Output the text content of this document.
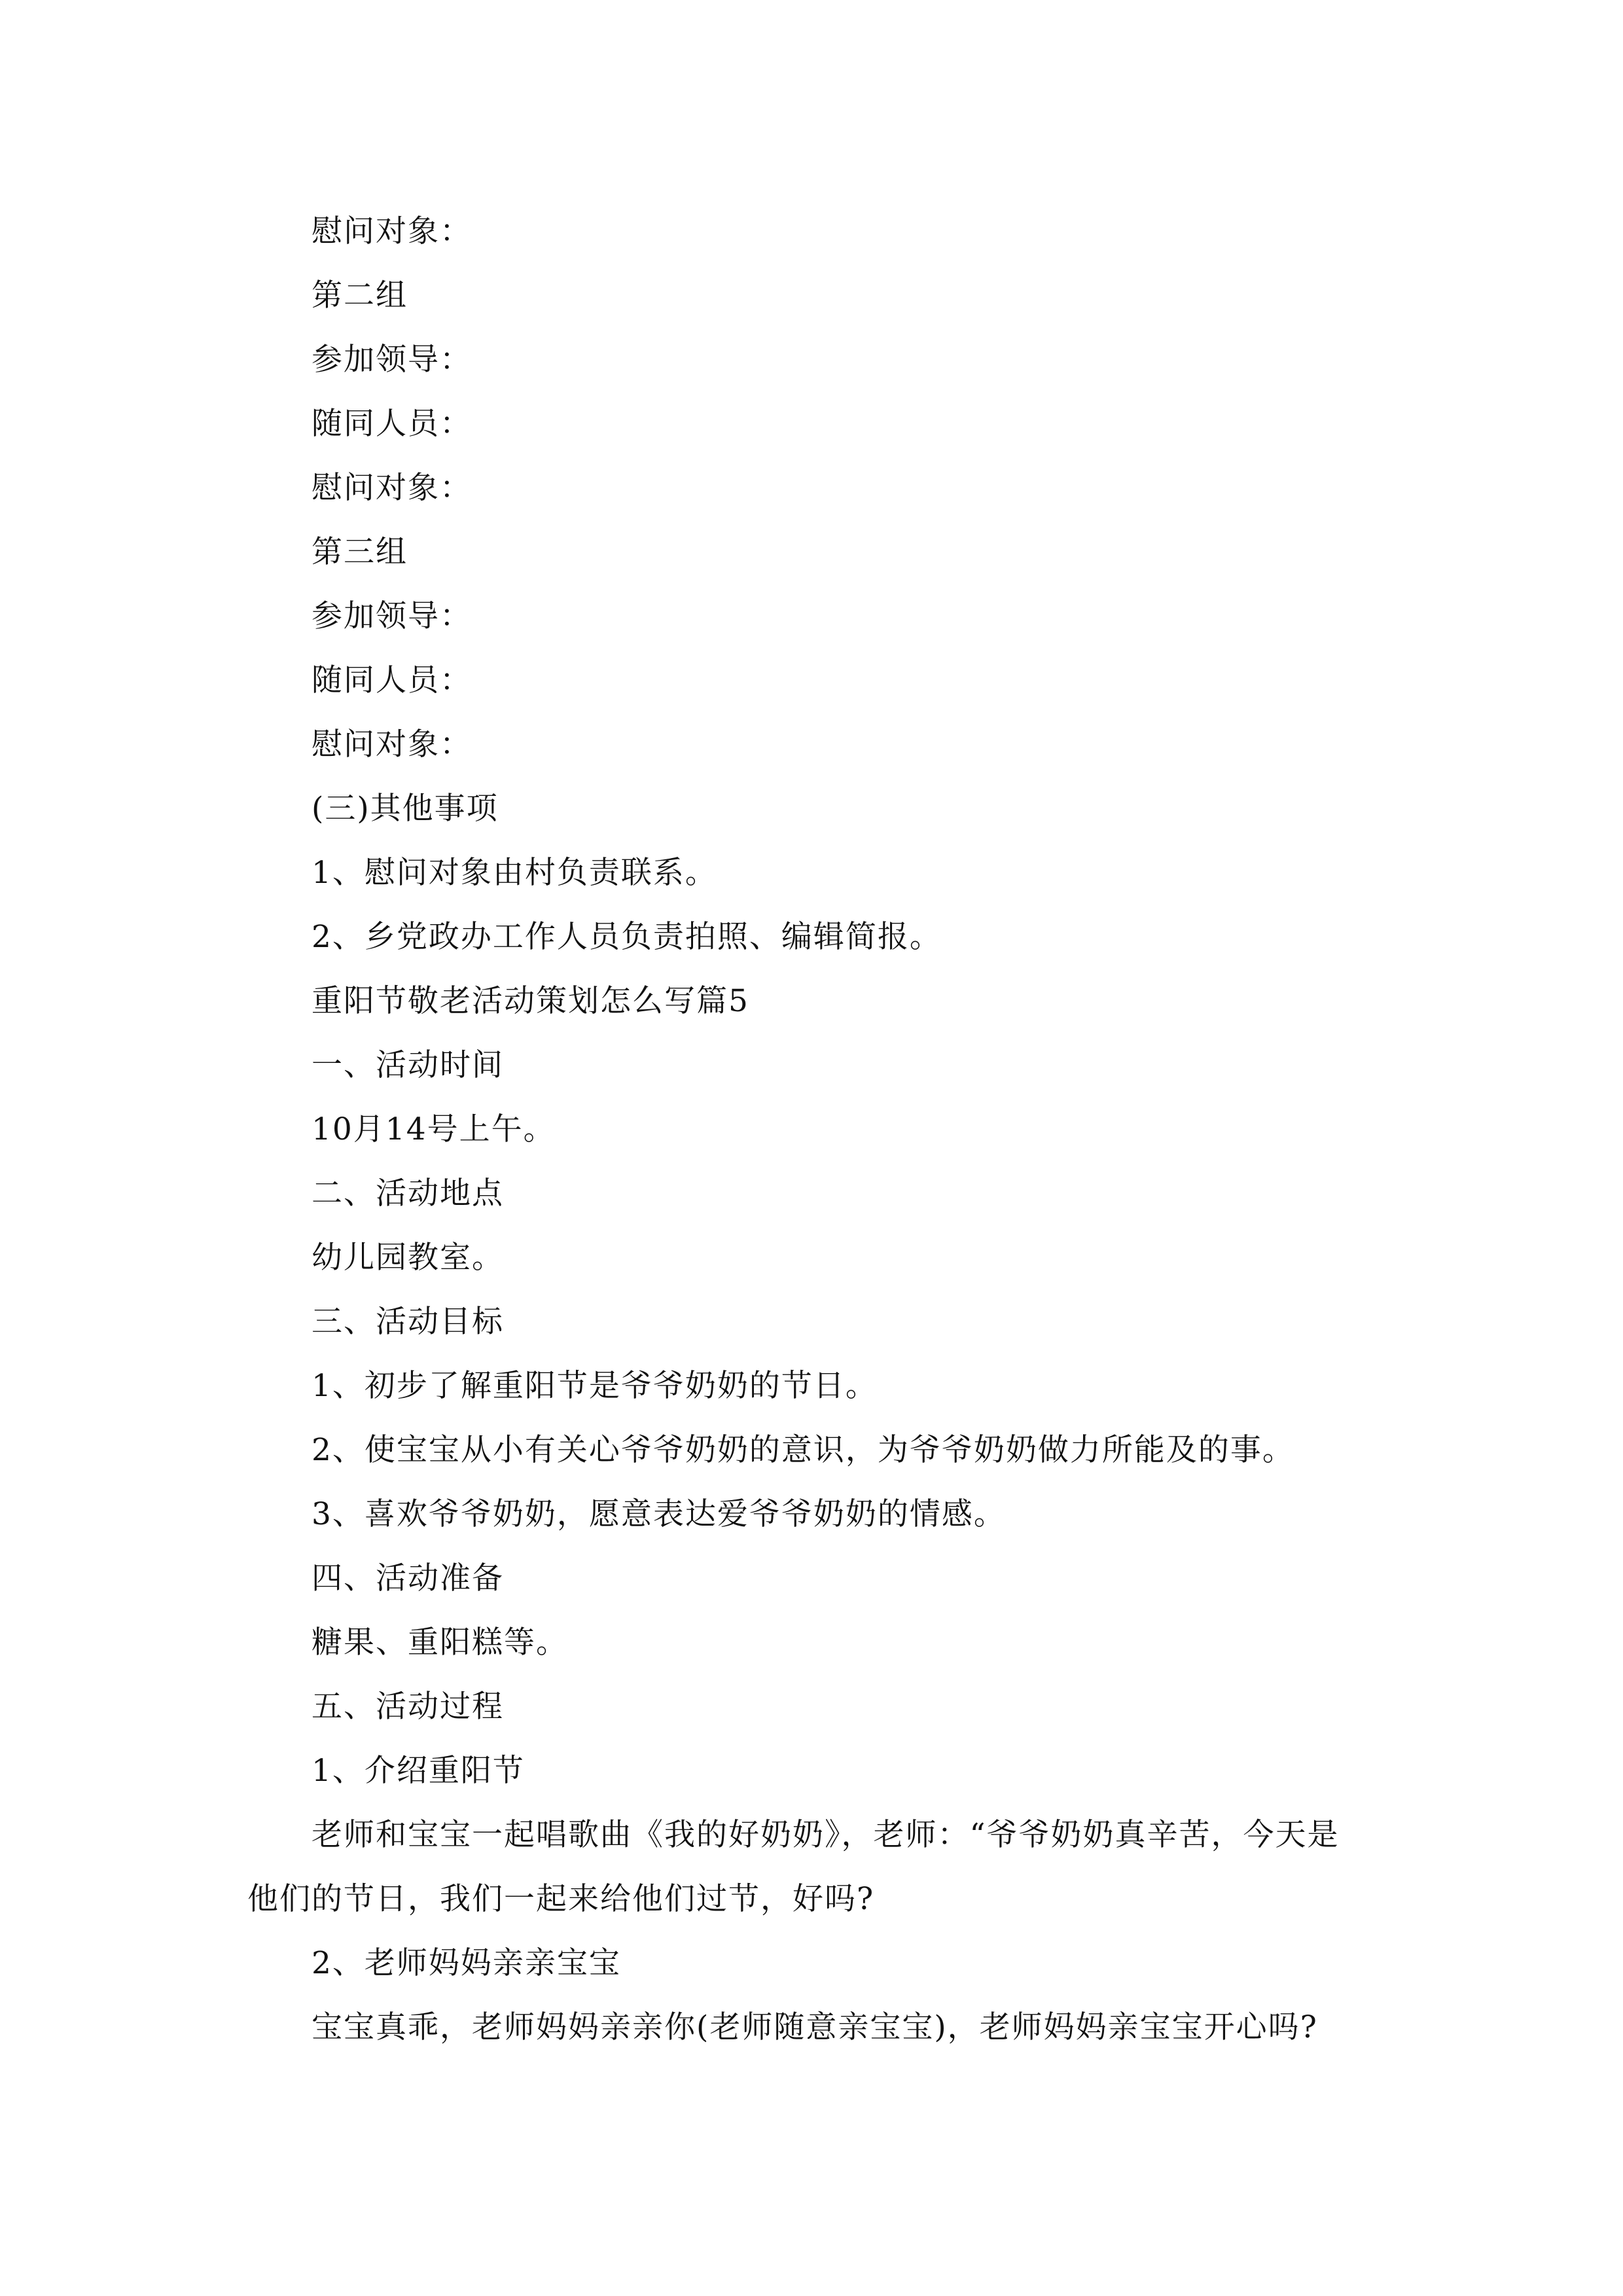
慰问对象：
第二组
参加领导：
随同人员：
慰问对象：
第三组
参加领导：
随同人员：
慰问对象：
(三)其他事项
1、慰问对象由村负责联系。
2、乡党政办工作人员负责拍照、编辑简报。
重阳节敬老活动策划怎么写篇5
一、活动时间
10月14号上午。
二、活动地点
幼儿园教室。
三、活动目标
1、初步了解重阳节是爷爷奶奶的节日。
2、使宝宝从小有关心爷爷奶奶的意识，为爷爷奶奶做力所能及的事。
3、喜欢爷爷奶奶，愿意表达爱爷爷奶奶的情感。
四、活动准备
糖果、重阳糕等。
五、活动过程
1、介绍重阳节
老师和宝宝一起唱歌曲《我的好奶奶》，老师：“爷爷奶奶真辛苦，今天是
他们的节日，我们一起来给他们过节，好吗?
2、老师妈妈亲亲宝宝
宝宝真乖，老师妈妈亲亲你(老师随意亲宝宝)，老师妈妈亲宝宝开心吗?
